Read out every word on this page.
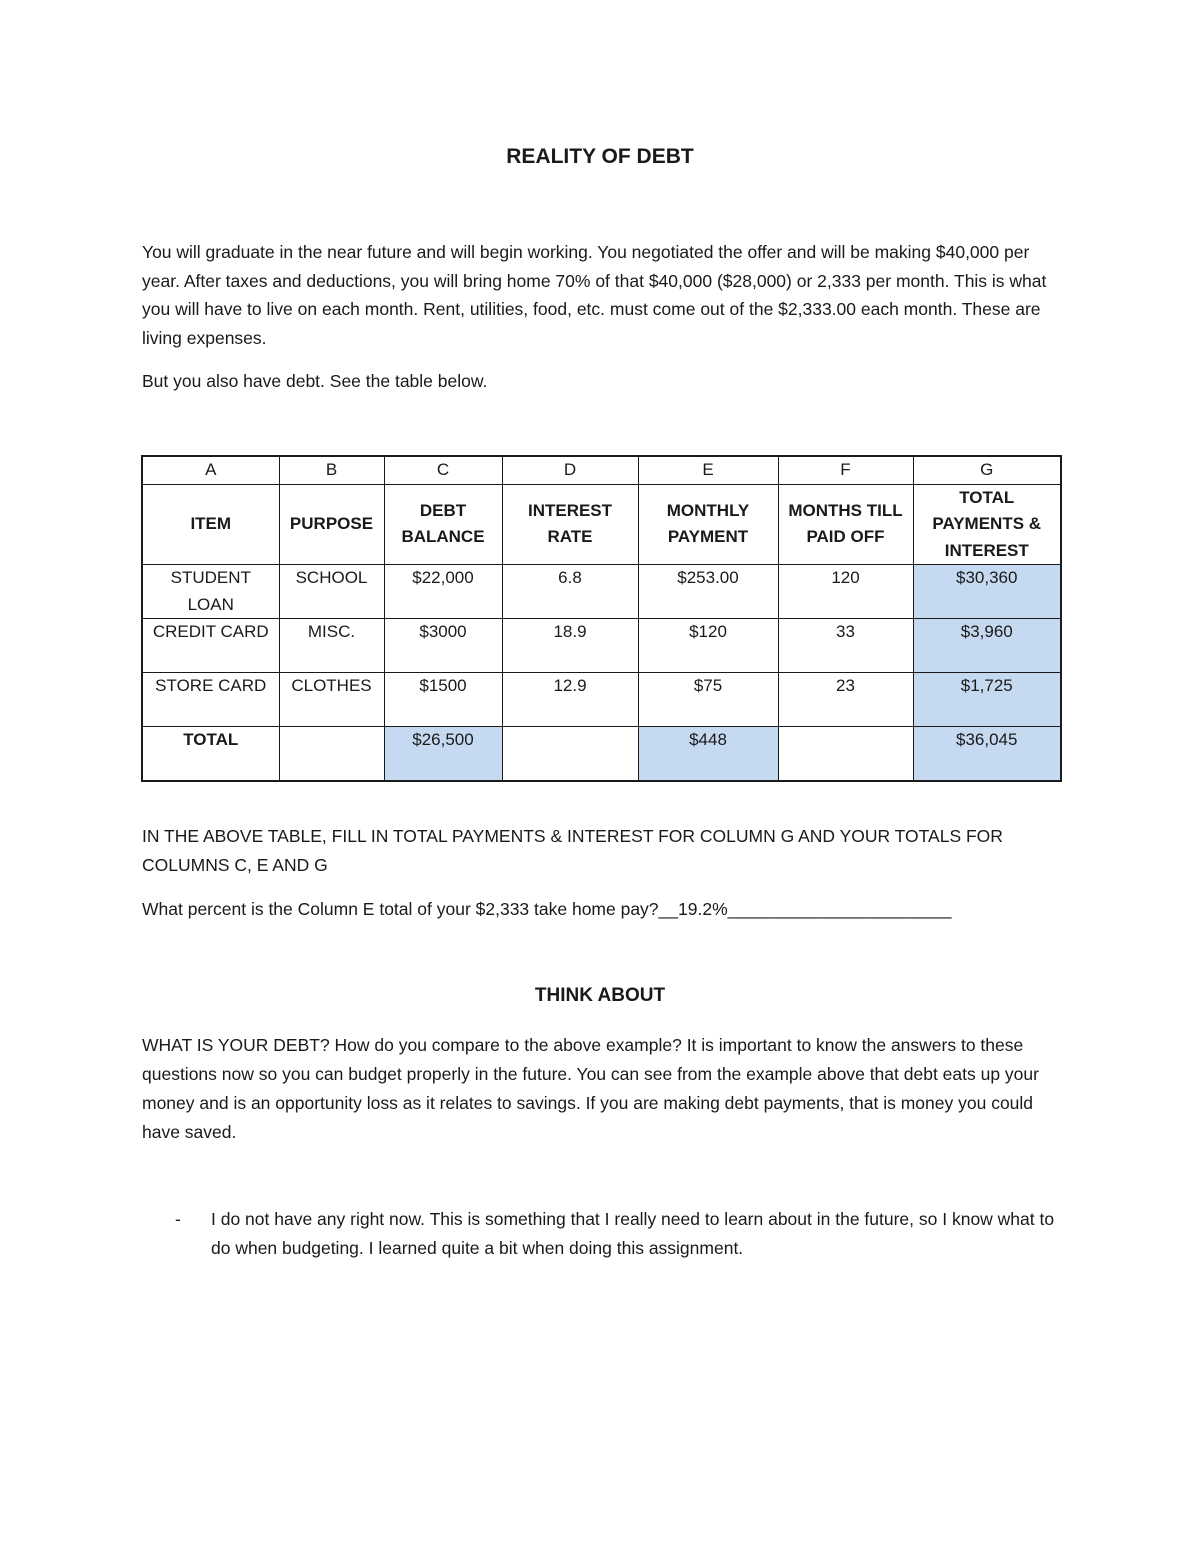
REALITY OF DEBT

You will graduate in the near future and will begin working. You negotiated the offer and will be making $40,000 per year. After taxes and deductions, you will bring home 70% of that $40,000 ($28,000) or 2,333 per month. This is what you will have to live on each month. Rent, utilities, food, etc. must come out of the $2,333.00 each month. These are living expenses.

But you also have debt. See the table below.

A	B	C	D	E	F	G
ITEM	PURPOSE	DEBT BALANCE	INTEREST RATE	MONTHLY PAYMENT	MONTHS TILL PAID OFF	TOTAL PAYMENTS & INTEREST
STUDENT LOAN	SCHOOL	$22,000	6.8	$253.00	120	$30,360
CREDIT CARD	MISC.	$3000	18.9	$120	33	$3,960
STORE CARD	CLOTHES	$1500	12.9	$75	23	$1,725
TOTAL		$26,500		$448		$36,045

IN THE ABOVE TABLE, FILL IN TOTAL PAYMENTS & INTEREST FOR COLUMN G AND YOUR TOTALS FOR COLUMNS C, E AND G

What percent is the Column E total of your $2,333 take home pay?__19.2%_______________________

THINK ABOUT

WHAT IS YOUR DEBT? How do you compare to the above example? It is important to know the answers to these questions now so you can budget properly in the future. You can see from the example above that debt eats up your money and is an opportunity loss as it relates to savings. If you are making debt payments, that is money you could have saved.

- I do not have any right now. This is something that I really need to learn about in the future, so I know what to do when budgeting. I learned quite a bit when doing this assignment.
